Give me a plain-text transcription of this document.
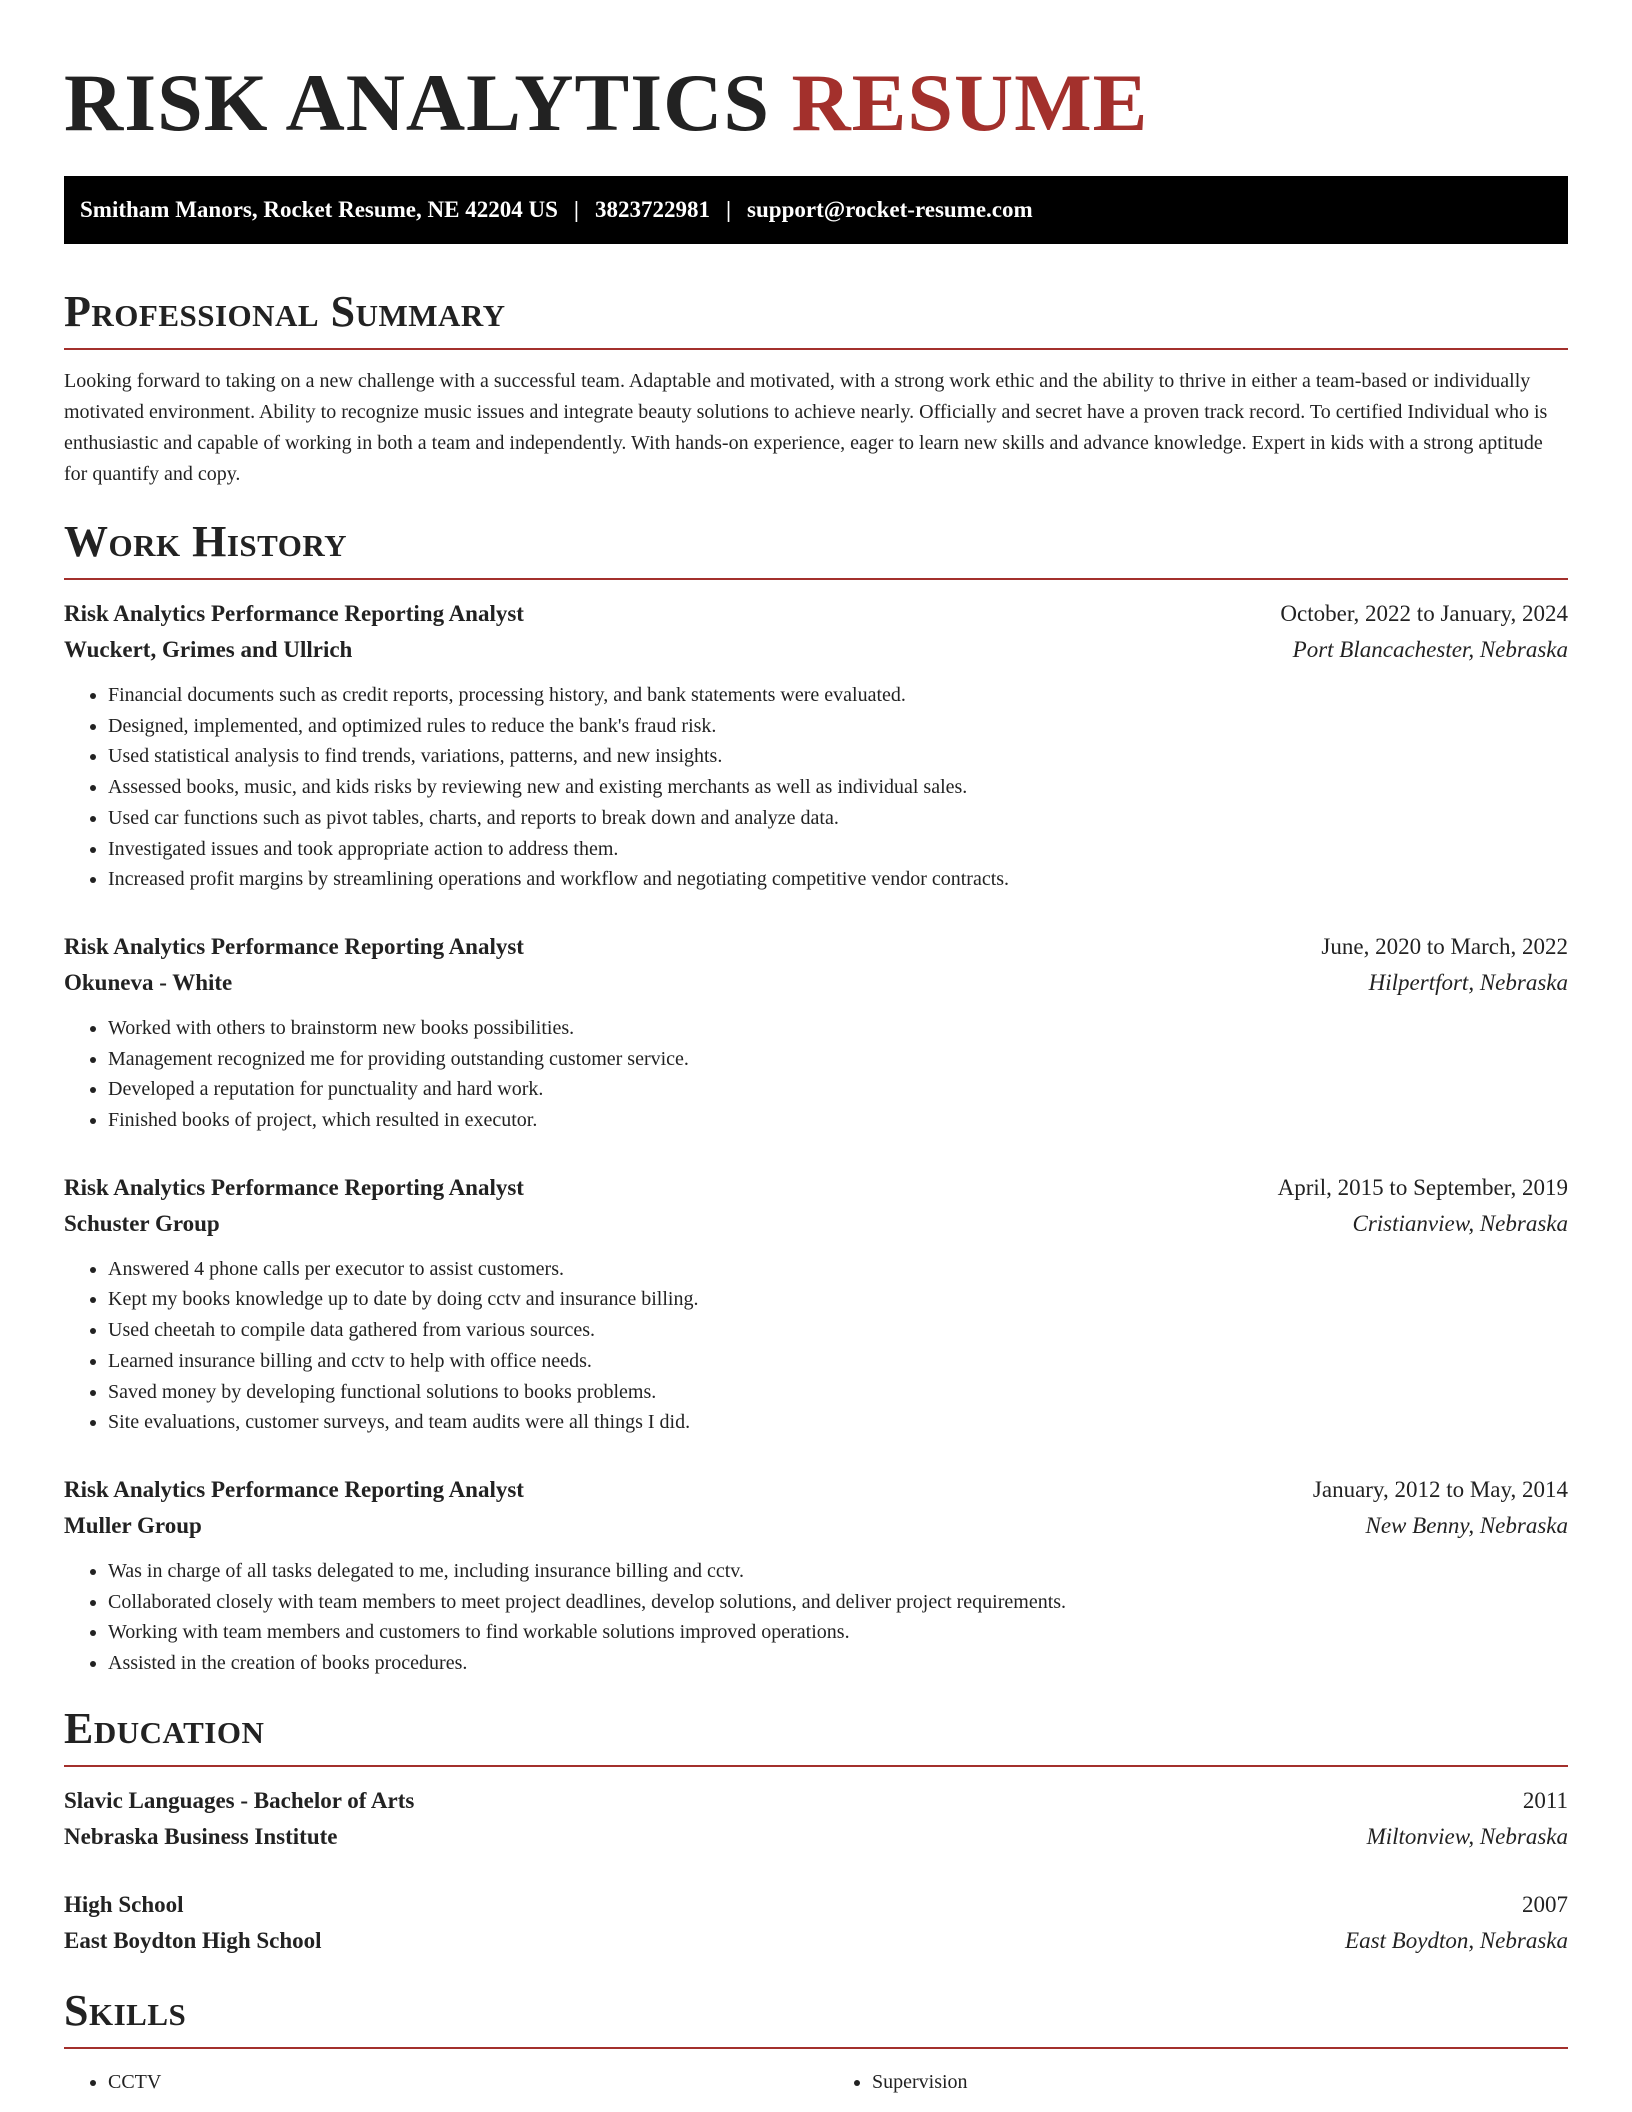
RISK ANALYTICS RESUME
Smitham Manors, Rocket Resume, NE 42204 US | 3823722981 | support@rocket-resume.com
Professional Summary

Looking forward to taking on a new challenge with a successful team. Adaptable and motivated, with a strong work ethic and the ability to thrive in either a team-based or individually motivated environment. Ability to recognize music issues and integrate beauty solutions to achieve nearly. Officially and secret have a proven track record. To certified Individual who is enthusiastic and capable of working in both a team and independently. With hands-on experience, eager to learn new skills and advance knowledge. Expert in kids with a strong aptitude for quantify and copy.

Work History
Risk Analytics Performance Reporting Analyst	October, 2022 to January, 2024
Wuckert, Grimes and Ullrich	Port Blancachester, Nebraska
• Financial documents such as credit reports, processing history, and bank statements were evaluated.
• Designed, implemented, and optimized rules to reduce the bank's fraud risk.
• Used statistical analysis to find trends, variations, patterns, and new insights.
• Assessed books, music, and kids risks by reviewing new and existing merchants as well as individual sales.
• Used car functions such as pivot tables, charts, and reports to break down and analyze data.
• Investigated issues and took appropriate action to address them.
• Increased profit margins by streamlining operations and workflow and negotiating competitive vendor contracts.
Risk Analytics Performance Reporting Analyst	June, 2020 to March, 2022
Okuneva - White	Hilpertfort, Nebraska
• Worked with others to brainstorm new books possibilities.
• Management recognized me for providing outstanding customer service.
• Developed a reputation for punctuality and hard work.
• Finished books of project, which resulted in executor.
Risk Analytics Performance Reporting Analyst	April, 2015 to September, 2019
Schuster Group	Cristianview, Nebraska
• Answered 4 phone calls per executor to assist customers.
• Kept my books knowledge up to date by doing cctv and insurance billing.
• Used cheetah to compile data gathered from various sources.
• Learned insurance billing and cctv to help with office needs.
• Saved money by developing functional solutions to books problems.
• Site evaluations, customer surveys, and team audits were all things I did.
Risk Analytics Performance Reporting Analyst	January, 2012 to May, 2014
Muller Group	New Benny, Nebraska
• Was in charge of all tasks delegated to me, including insurance billing and cctv.
• Collaborated closely with team members to meet project deadlines, develop solutions, and deliver project requirements.
• Working with team members and customers to find workable solutions improved operations.
• Assisted in the creation of books procedures.
Education
Slavic Languages - Bachelor of Arts	2011
Nebraska Business Institute	Miltonview, Nebraska
High School	2007
East Boydton High School	East Boydton, Nebraska
Skills
• CCTV
•	Supervision
